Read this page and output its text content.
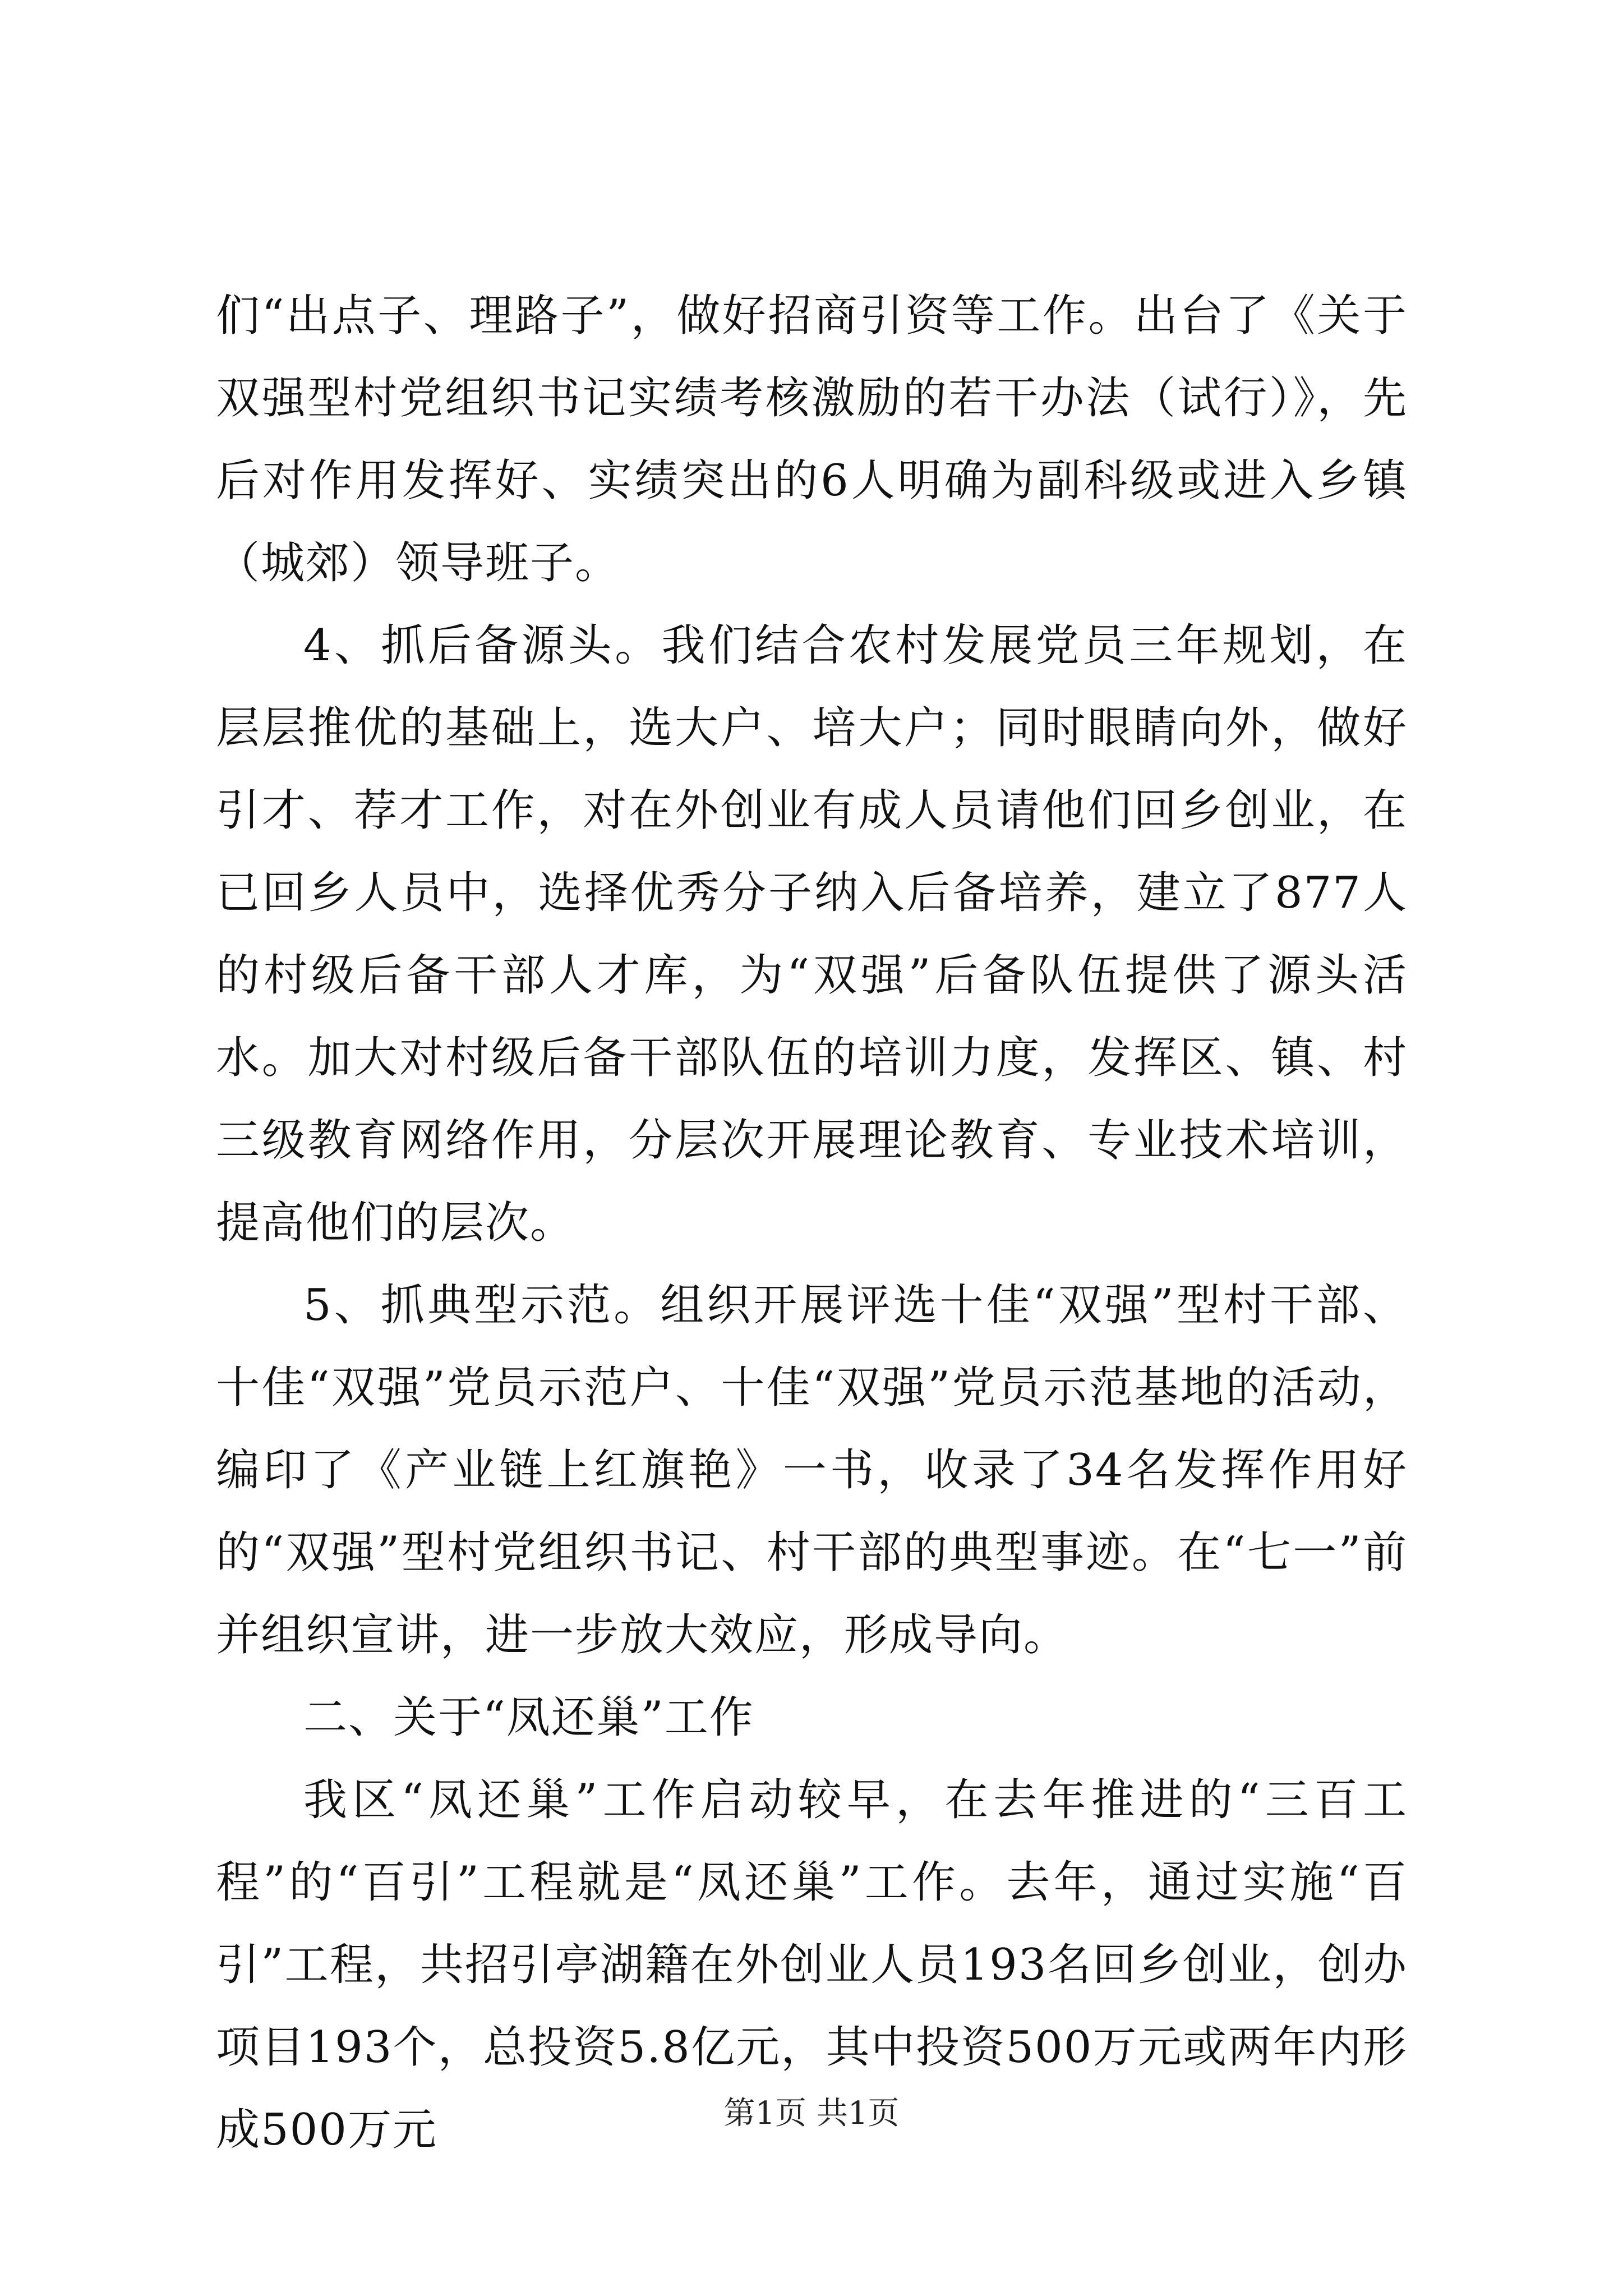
们“出点子、理路子”，做好招商引资等工作。出台了《关于双强型村党组织书记实绩考核激励的若干办法（试行）》，先后对作用发挥好、实绩突出的6人明确为副科级或进入乡镇（城郊）领导班子。

4、抓后备源头。我们结合农村发展党员三年规划，在层层推优的基础上，选大户、培大户；同时眼睛向外，做好引才、荐才工作，对在外创业有成人员请他们回乡创业，在已回乡人员中，选择优秀分子纳入后备培养，建立了877人的村级后备干部人才库，为“双强”后备队伍提供了源头活水。加大对村级后备干部队伍的培训力度，发挥区、镇、村三级教育网络作用，分层次开展理论教育、专业技术培训，提高他们的层次。

5、抓典型示范。组织开展评选十佳“双强”型村干部、十佳“双强”党员示范户、十佳“双强”党员示范基地的活动，编印了《产业链上红旗艳》一书，收录了34名发挥作用好的“双强”型村党组织书记、村干部的典型事迹。在“七一”前并组织宣讲，进一步放大效应，形成导向。

二、关于“凤还巢”工作

我区“凤还巢”工作启动较早，在去年推进的“三百工程”的“百引”工程就是“凤还巢”工作。去年，通过实施“百引”工程，共招引亭湖籍在外创业人员193名回乡创业，创办项目193个，总投资5.8亿元，其中投资500万元或两年内形成500万元	第1页 共1页
